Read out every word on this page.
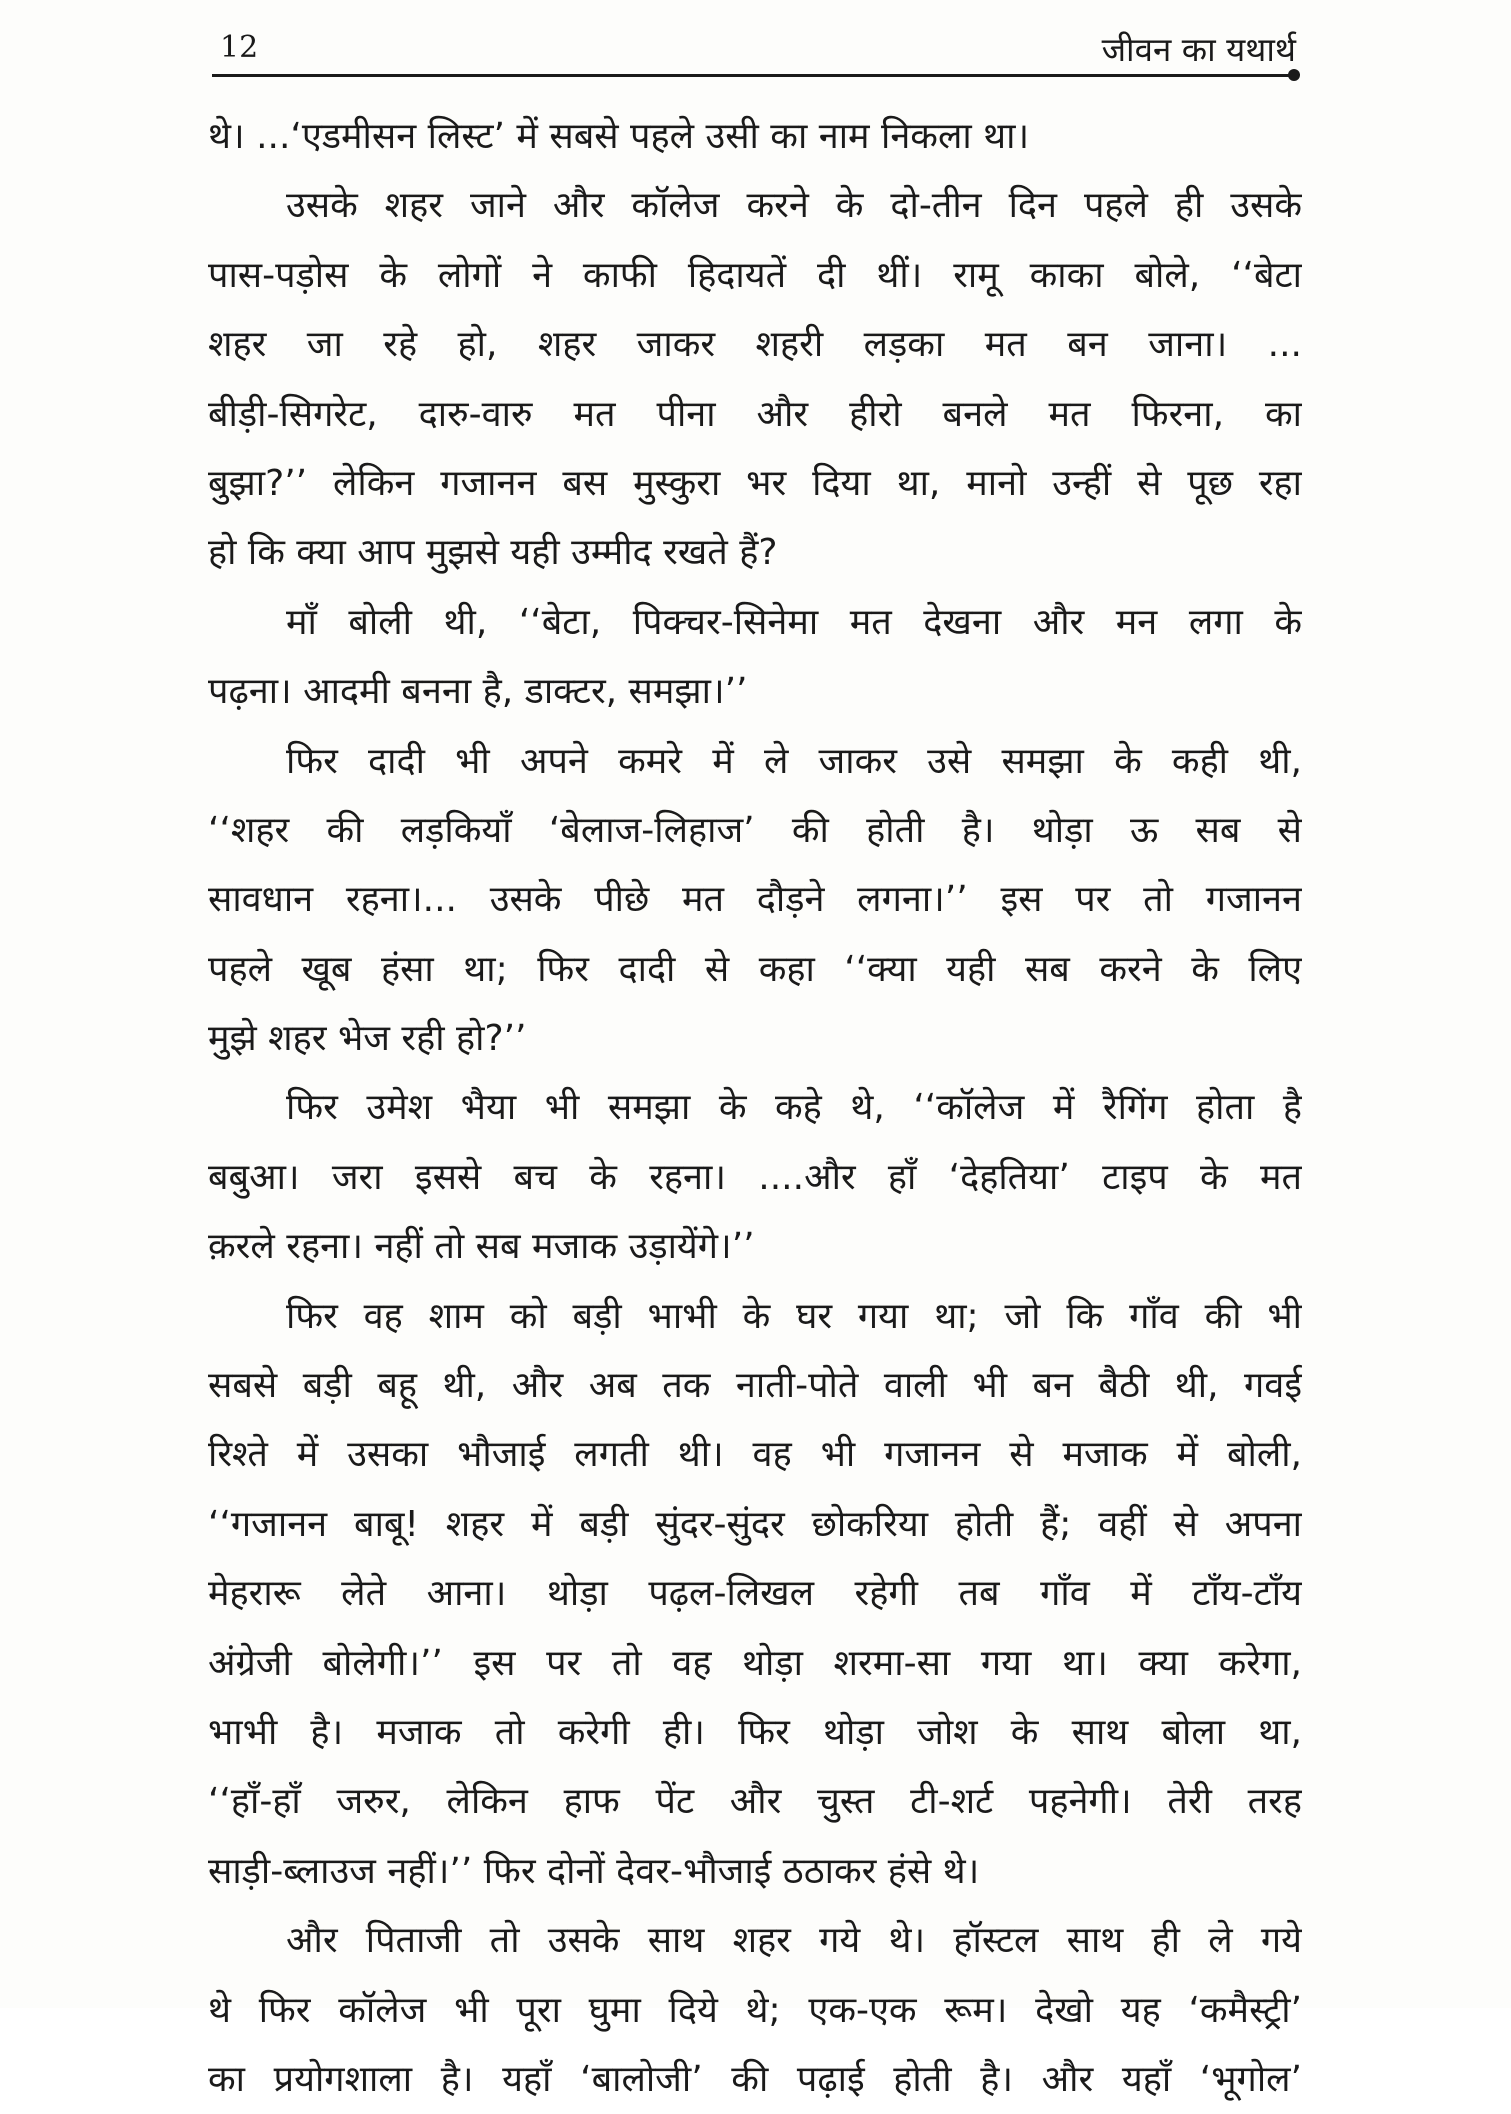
12	जीवन का यथार्थ
थे। ...‘एडमीसन लिस्ट’ में सबसे पहले उसी का नाम निकला था।
उसके शहर जाने और कॉलेज करने के दो-तीन दिन पहले ही उसके
पास-पड़ोस के लोगों ने काफी हिदायतें दी थीं। रामू काका बोले, ‘‘बेटा
शहर जा रहे हो, शहर जाकर शहरी लड़का मत बन जाना। ...
बीड़ी-सिगरेट, दारु-वारु मत पीना और हीरो बनले मत फिरना, का
बुझा?’’ लेकिन गजानन बस मुस्कुरा भर दिया था, मानो उन्हीं से पूछ रहा
हो कि क्या आप मुझसे यही उम्मीद रखते हैं?
माँ बोली थी, ‘‘बेटा, पिक्चर-सिनेमा मत देखना और मन लगा के
पढ़ना। आदमी बनना है, डाक्टर, समझा।’’
फिर दादी भी अपने कमरे में ले जाकर उसे समझा के कही थी,
‘‘शहर की लड़कियाँ ‘बेलाज-लिहाज’ की होती है। थोड़ा ऊ सब से
सावधान रहना।... उसके पीछे मत दौड़ने लगना।’’ इस पर तो गजानन
पहले खूब हंसा था; फिर दादी से कहा ‘‘क्या यही सब करने के लिए
मुझे शहर भेज रही हो?’’
फिर उमेश भैया भी समझा के कहे थे, ‘‘कॉलेज में रैगिंग होता है
बबुआ। जरा इससे बच के रहना। ....और हाँ ‘देहतिया’ टाइप के मत
क़रले रहना। नहीं तो सब मजाक उड़ायेंगे।’’
फिर वह शाम को बड़ी भाभी के घर गया था; जो कि गाँव की भी
सबसे बड़ी बहू थी, और अब तक नाती-पोते वाली भी बन बैठी थी, गवई
रिश्ते में उसका भौजाई लगती थी। वह भी गजानन से मजाक में बोली,
‘‘गजानन बाबू! शहर में बड़ी सुंदर-सुंदर छोकरिया होती हैं; वहीं से अपना
मेहरारू लेते आना। थोड़ा पढ़ल-लिखल रहेगी तब गाँव में टाँय-टाँय
अंग्रेजी बोलेगी।’’ इस पर तो वह थोड़ा शरमा-सा गया था। क्या करेगा,
भाभी है। मजाक तो करेगी ही। फिर थोड़ा जोश के साथ बोला था,
‘‘हाँ-हाँ जरुर, लेकिन हाफ पेंट और चुस्त टी-शर्ट पहनेगी। तेरी तरह
साड़ी-ब्लाउज नहीं।’’ फिर दोनों देवर-भौजाई ठठाकर हंसे थे।
और पिताजी तो उसके साथ शहर गये थे। हॉस्टल साथ ही ले गये
थे फिर कॉलेज भी पूरा घुमा दिये थे; एक-एक रूम। देखो यह ‘कमैस्ट्री’
का प्रयोगशाला है। यहाँ ‘बालोजी’ की पढ़ाई होती है। और यहाँ ‘भूगोल’
